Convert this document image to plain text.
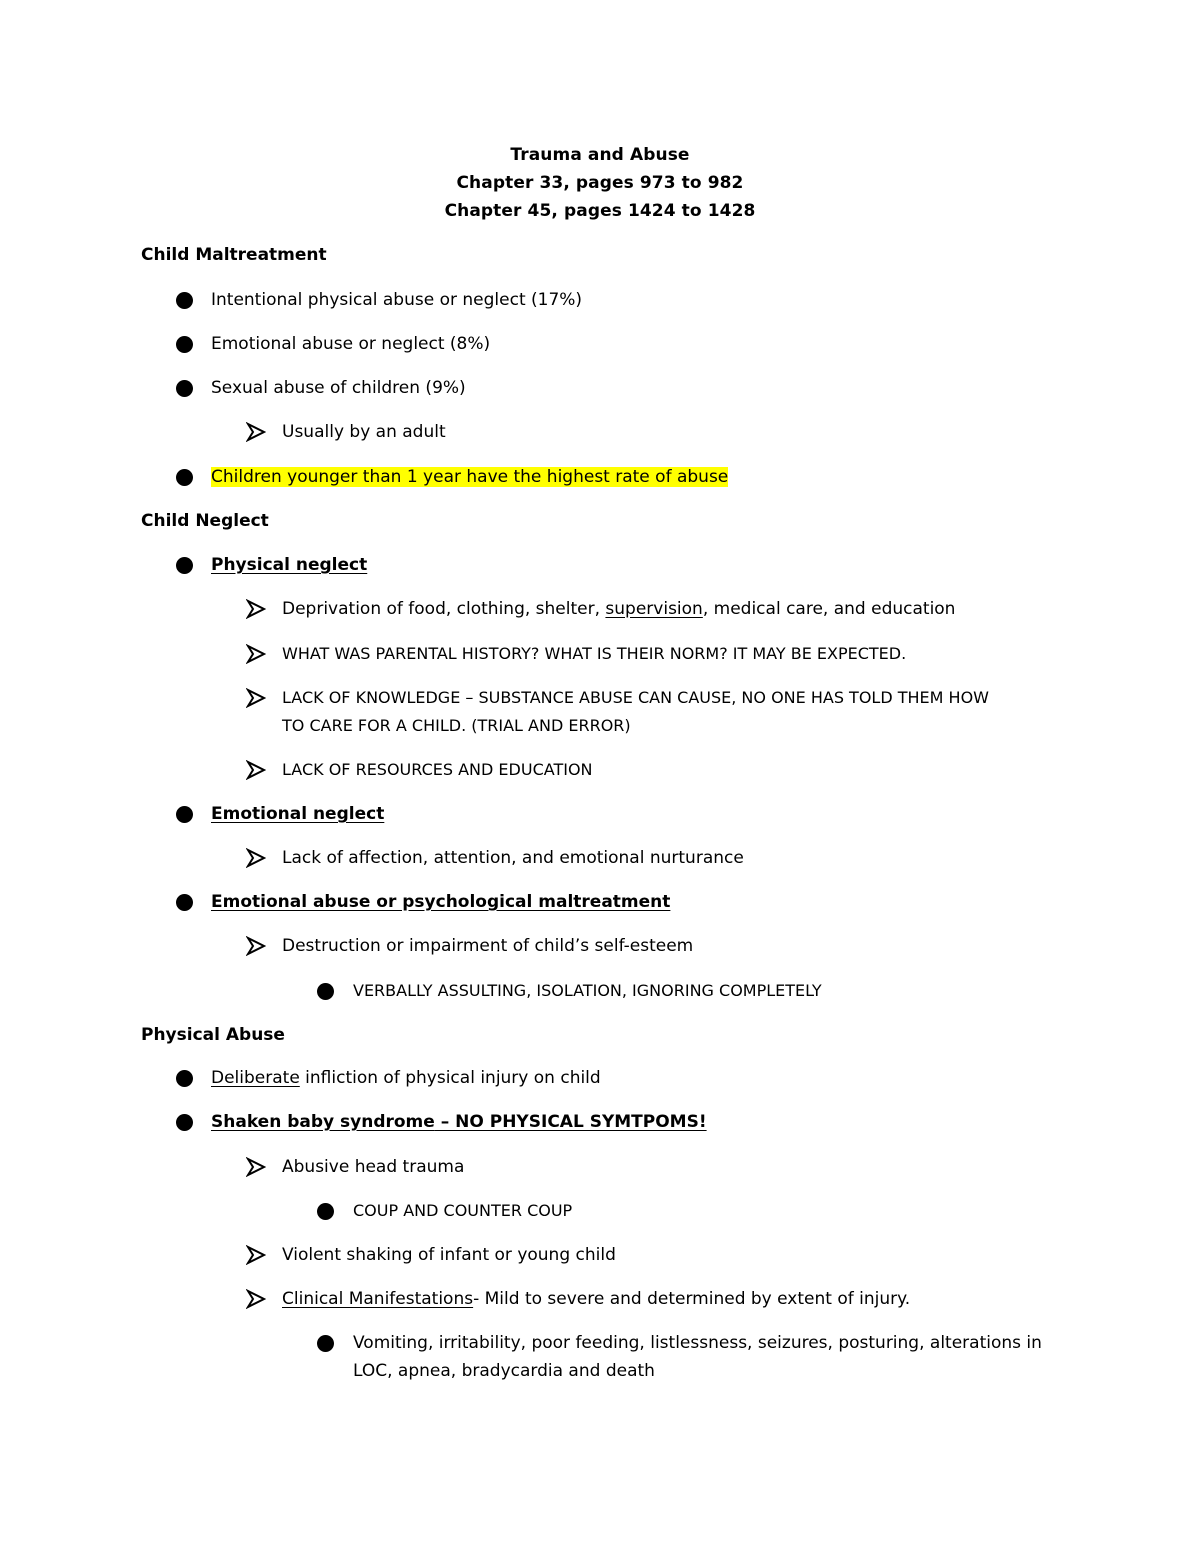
Trauma and Abuse
Chapter 33, pages 973 to 982
Chapter 45, pages 1424 to 1428
Child Maltreatment
Intentional physical abuse or neglect (17%)
Emotional abuse or neglect (8%)
Sexual abuse of children (9%)
Usually by an adult
Children younger than 1 year have the highest rate of abuse
Child Neglect
Physical neglect
Deprivation of food, clothing, shelter, supervision, medical care, and education
WHAT WAS PARENTAL HISTORY? WHAT IS THEIR NORM? IT MAY BE EXPECTED.
LACK OF KNOWLEDGE – SUBSTANCE ABUSE CAN CAUSE, NO ONE HAS TOLD THEM HOW
TO CARE FOR A CHILD. (TRIAL AND ERROR)
LACK OF RESOURCES AND EDUCATION
Emotional neglect
Lack of affection, attention, and emotional nurturance
Emotional abuse or psychological maltreatment
Destruction or impairment of child’s self-esteem
VERBALLY ASSULTING, ISOLATION, IGNORING COMPLETELY
Physical Abuse
Deliberate infliction of physical injury on child
Shaken baby syndrome – NO PHYSICAL SYMTPOMS!
Abusive head trauma
COUP AND COUNTER COUP
Violent shaking of infant or young child
Clinical Manifestations- Mild to severe and determined by extent of injury.
Vomiting, irritability, poor feeding, listlessness, seizures, posturing, alterations in
LOC, apnea, bradycardia and death
